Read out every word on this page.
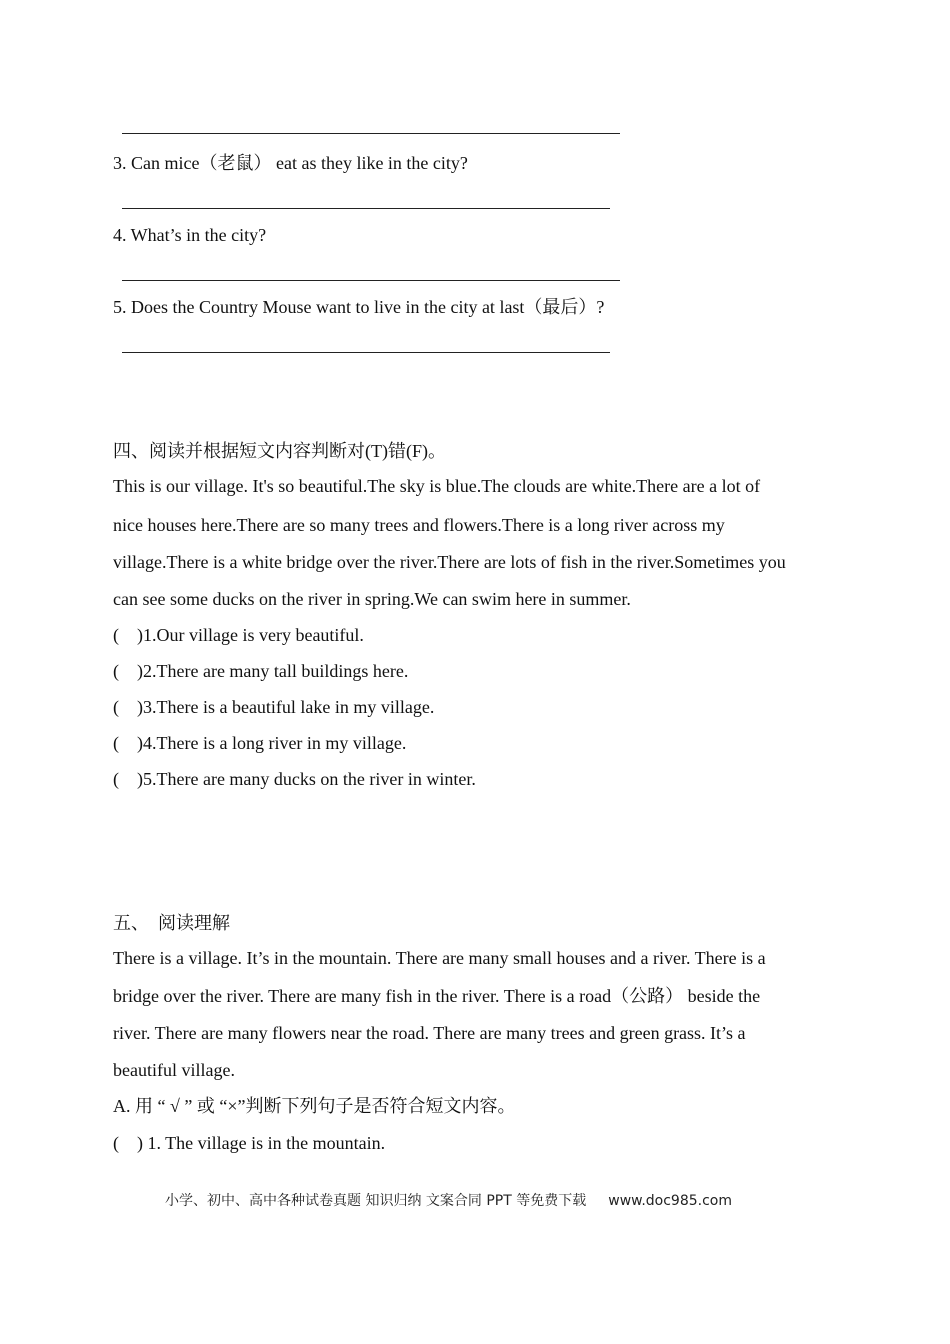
3. Can mice（老鼠） eat as they like in the city?
4. What’s in the city?
5. Does the Country Mouse want to live in the city at last（最后）?
四、阅读并根据短文内容判断对(T)错(F)。
This is our village. It's so beautiful.The sky is blue.The clouds are white.There are a lot of
nice houses here.There are so many trees and flowers.There is a long river across my
village.There is a white bridge over the river.There are lots of fish in the river.Sometimes you
can see some ducks on the river in spring.We can swim here in summer.
(    )1.Our village is very beautiful.
(    )2.There are many tall buildings here.
(    )3.There is a beautiful lake in my village.
(    )4.There is a long river in my village.
(    )5.There are many ducks on the river in winter.
五、  阅读理解
There is a village. It’s in the mountain. There are many small houses and a river. There is a
bridge over the river. There are many fish in the river. There is a road（公路） beside the
river. There are many flowers near the road. There are many trees and green grass. It’s a
beautiful village.
A. 用 “ √ ” 或 “×”判断下列句子是否符合短文内容。
(    ) 1. The village is in the mountain.
小学、初中、高中各种试卷真题 知识归纳 文案合同 PPT 等免费下载 www.doc985.com
